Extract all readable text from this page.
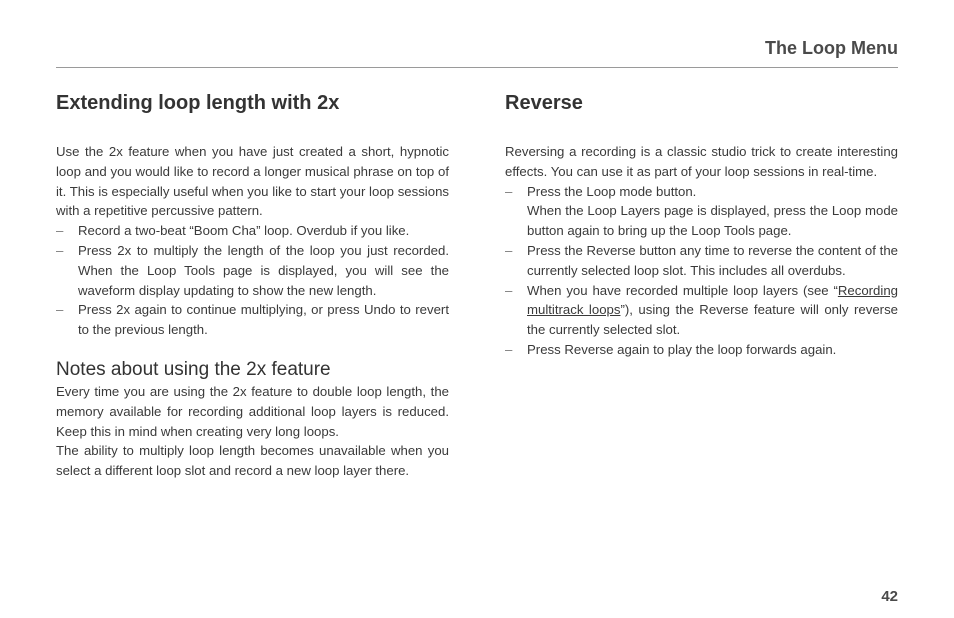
The Loop Menu
Extending loop length with 2x

Use the 2x feature when you have just created a short, hypnotic loop and you would like to record a longer musical phrase on top of it. This is especially useful when you like to start your loop sessions with a repetitive percussive pattern.

– Record a two-beat “Boom Cha” loop. Overdub if you like.
– Press 2x to multiply the length of the loop you just recorded. When the Loop Tools page is displayed, you will see the waveform display updating to show the new length.
– Press 2x again to continue multiplying, or press Undo to revert to the previous length.
Notes about using the 2x feature

Every time you are using the 2x feature to double loop length, the memory available for recording additional loop layers is reduced. Keep this in mind when creating very long loops.

The ability to multiply loop length becomes unavailable when you select a different loop slot and record a new loop layer there.

Reverse

Reversing a recording is a classic studio trick to create interesting effects. You can use it as part of your loop sessions in real-time.

– Press the Loop mode button.
When the Loop Layers page is displayed, press the Loop mode button again to bring up the Loop Tools page.
– Press the Reverse button any time to reverse the content of the currently selected loop slot. This includes all overdubs.
– When you have recorded multiple loop layers (see “Recording multitrack loops”), using the Reverse feature will only reverse the currently selected slot.
– Press Reverse again to play the loop forwards again.
42
